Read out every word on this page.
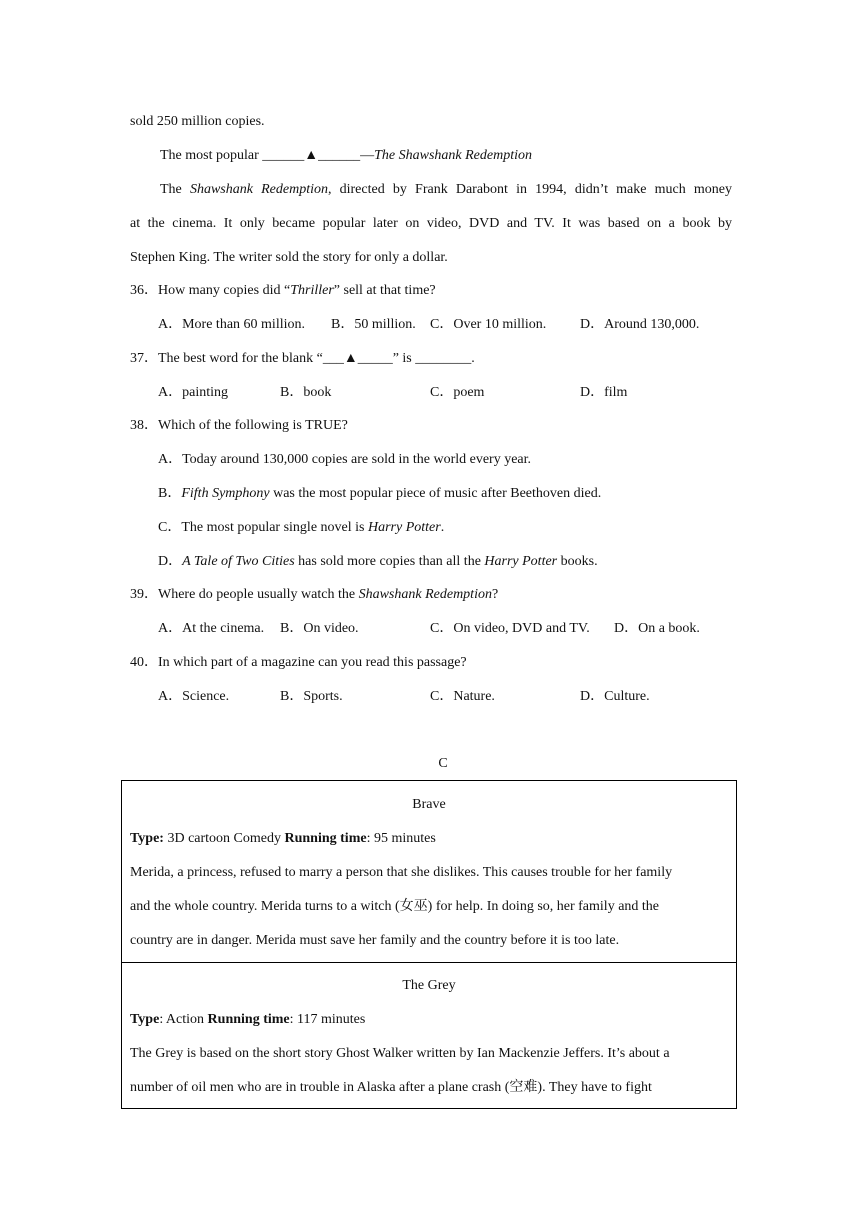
sold 250 million copies.
The most popular ______▲______—The Shawshank Redemption
The Shawshank Redemption, directed by Frank Darabont in 1994, didn’t make much money
at the cinema. It only became popular later on video, DVD and TV. It was based on a book by
Stephen King. The writer sold the story for only a dollar.
36．How many copies did “Thriller” sell at that time?
A．More than 60 million. B．50 million. C．Over 10 million. D．Around 130,000.
37．The best word for the blank “___▲_____” is ________.
A．painting	B．book	C．poem	D．film
38．Which of the following is TRUE?
A．Today around 130,000 copies are sold in the world every year.
B．Fifth Symphony was the most popular piece of music after Beethoven died.
C．The most popular single novel is Harry Potter.
D．A Tale of Two Cities has sold more copies than all the Harry Potter books.
39．Where do people usually watch the Shawshank Redemption?
A．At the cinema. B．On video.	C．On video, DVD and TV. D．On a book.
40．In which part of a magazine can you read this passage?
A．Science.	B．Sports.	C．Nature.	D．Culture.
C
Brave
Type: 3D cartoon Comedy Running time: 95 minutes
Merida, a princess, refused to marry a person that she dislikes. This causes trouble for her family
and the whole country. Merida turns to a witch (女巫) for help. In doing so, her family and the
country are in danger. Merida must save her family and the country before it is too late.
The Grey
Type: Action Running time: 117 minutes
The Grey is based on the short story Ghost Walker written by Ian Mackenzie Jeffers. It’s about a
number of oil men who are in trouble in Alaska after a plane crash (空难). They have to fight
